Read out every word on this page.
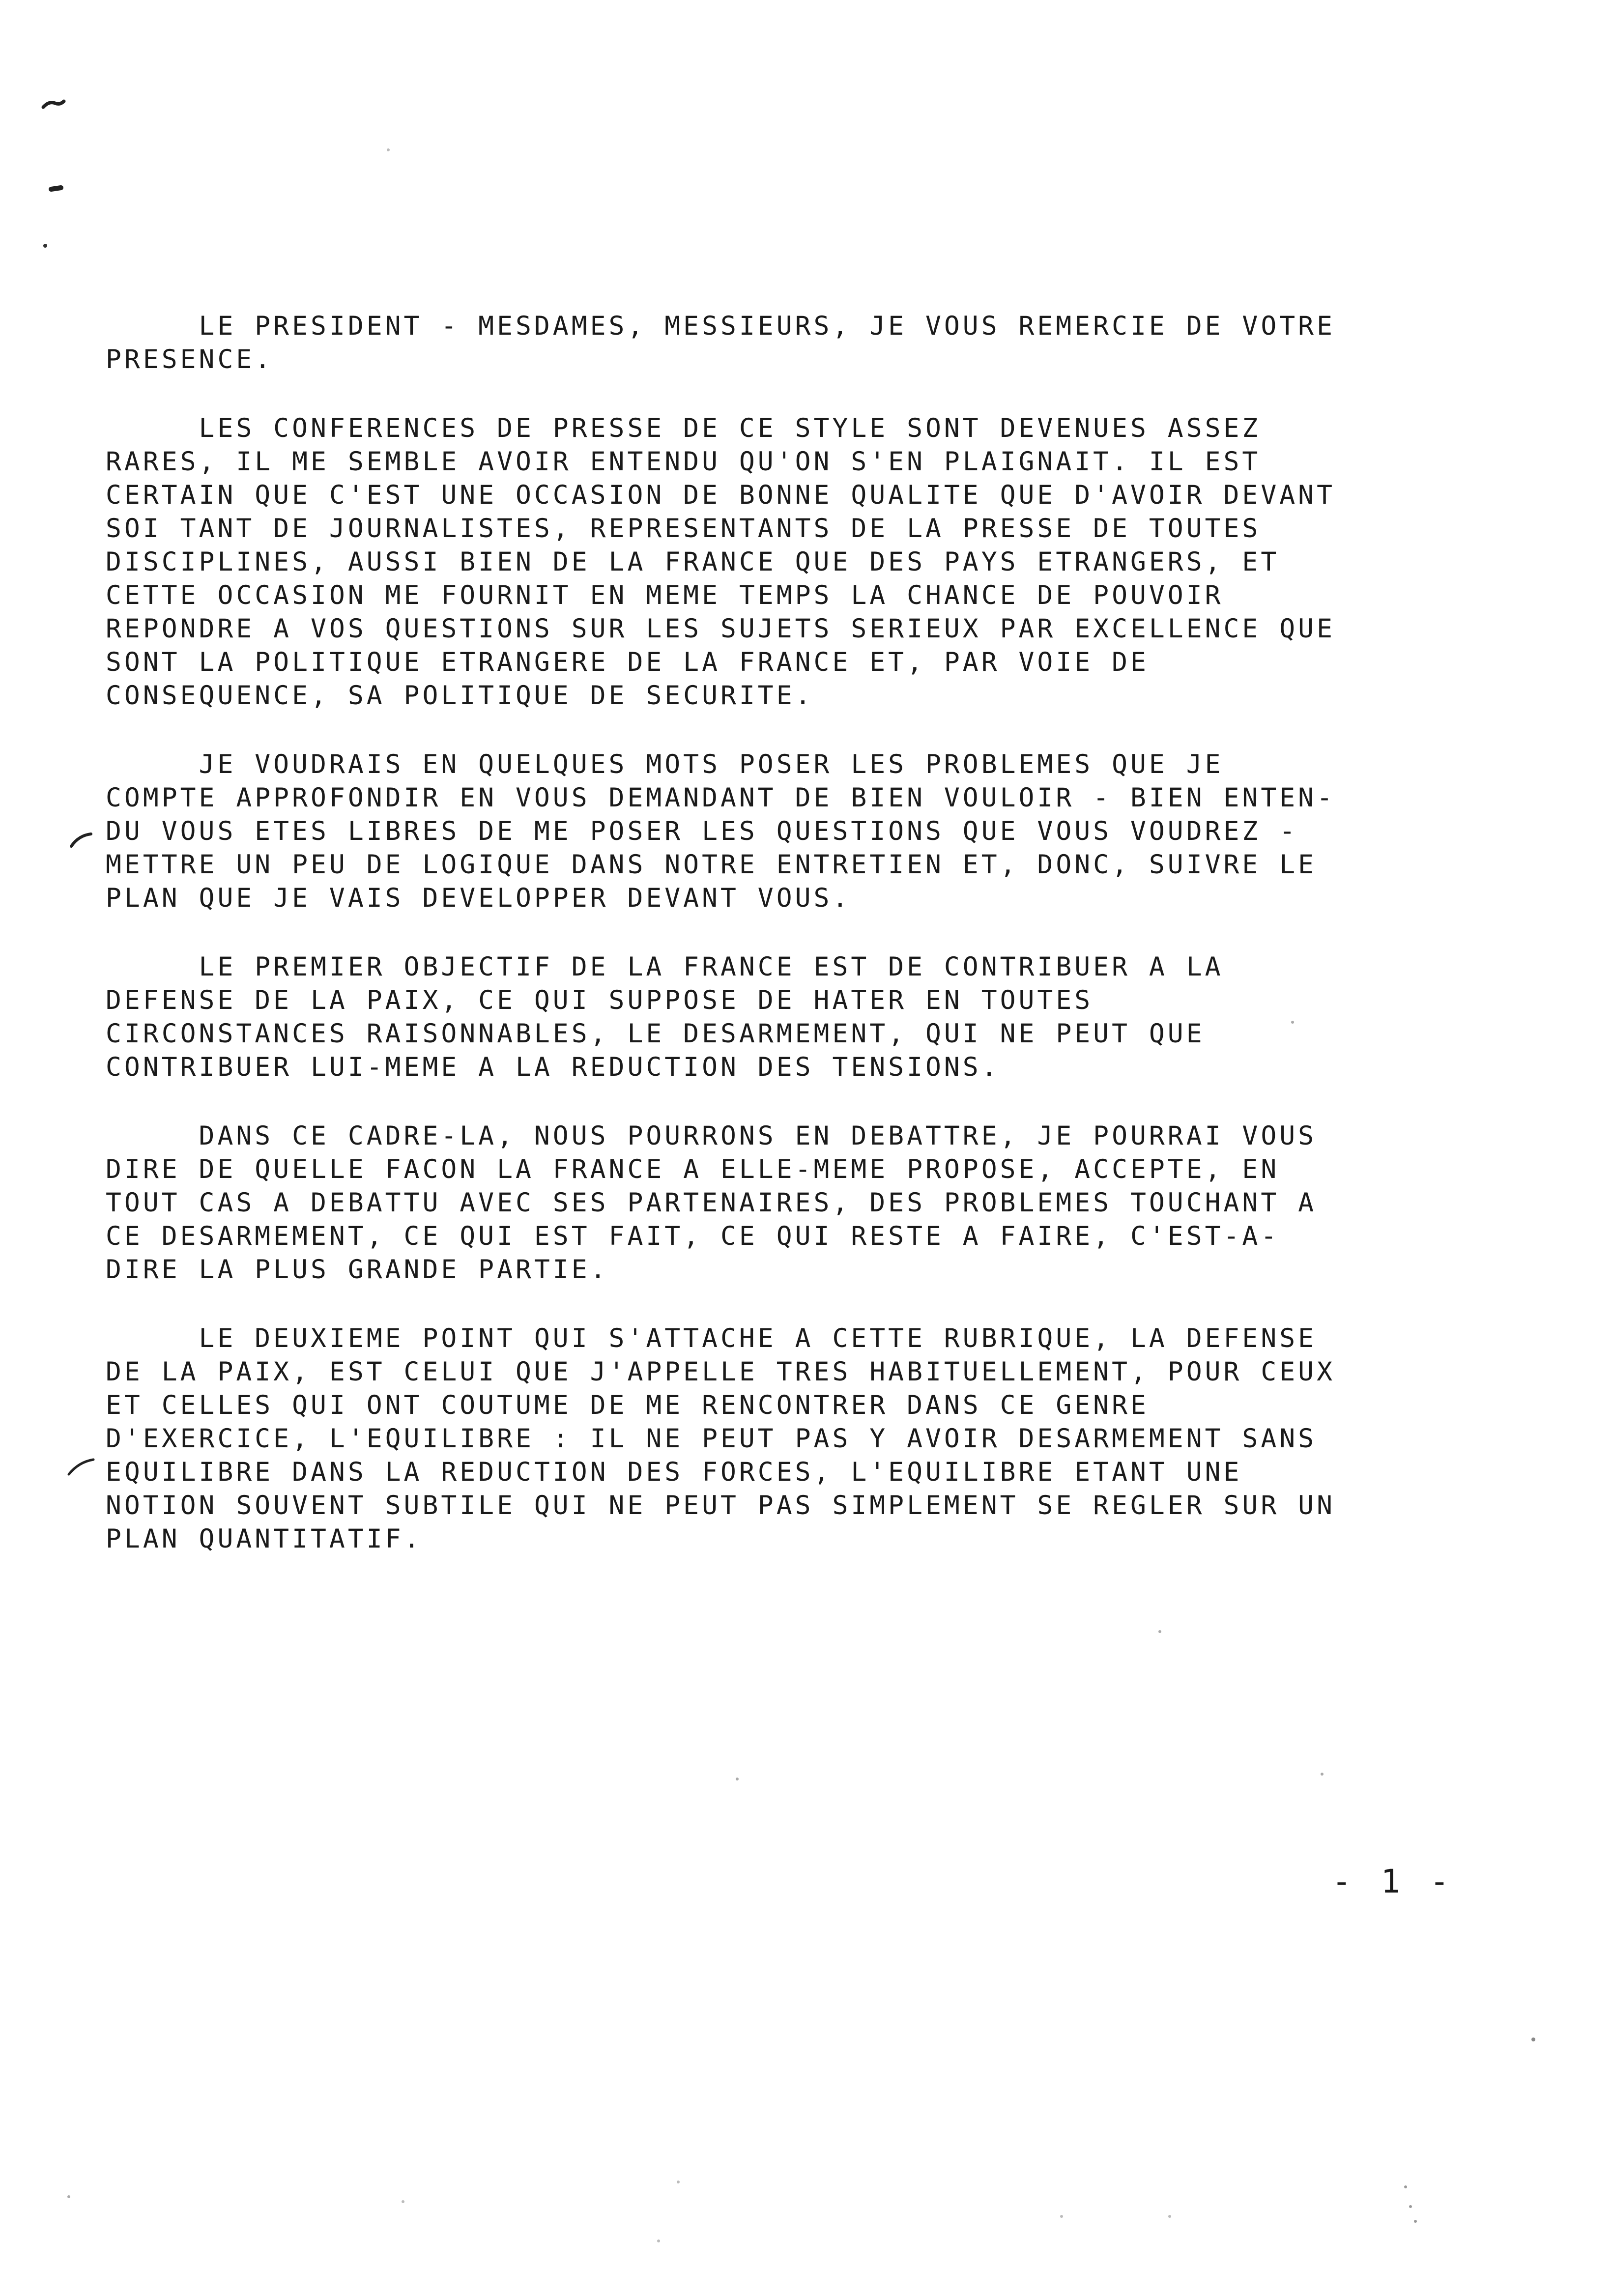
LE PRESIDENT - MESDAMES, MESSIEURS, JE VOUS REMERCIE DE VOTRE
PRESENCE.
LES CONFERENCES DE PRESSE DE CE STYLE SONT DEVENUES ASSEZ
RARES, IL ME SEMBLE AVOIR ENTENDU QU'ON S'EN PLAIGNAIT. IL EST
CERTAIN QUE C'EST UNE OCCASION DE BONNE QUALITE QUE D'AVOIR DEVANT
SOI TANT DE JOURNALISTES, REPRESENTANTS DE LA PRESSE DE TOUTES
DISCIPLINES, AUSSI BIEN DE LA FRANCE QUE DES PAYS ETRANGERS, ET
CETTE OCCASION ME FOURNIT EN MEME TEMPS LA CHANCE DE POUVOIR
REPONDRE A VOS QUESTIONS SUR LES SUJETS SERIEUX PAR EXCELLENCE QUE
SONT LA POLITIQUE ETRANGERE DE LA FRANCE ET, PAR VOIE DE
CONSEQUENCE, SA POLITIQUE DE SECURITE.
JE VOUDRAIS EN QUELQUES MOTS POSER LES PROBLEMES QUE JE
COMPTE APPROFONDIR EN VOUS DEMANDANT DE BIEN VOULOIR - BIEN ENTEN-
DU VOUS ETES LIBRES DE ME POSER LES QUESTIONS QUE VOUS VOUDREZ -
METTRE UN PEU DE LOGIQUE DANS NOTRE ENTRETIEN ET, DONC, SUIVRE LE
PLAN QUE JE VAIS DEVELOPPER DEVANT VOUS.
LE PREMIER OBJECTIF DE LA FRANCE EST DE CONTRIBUER A LA
DEFENSE DE LA PAIX, CE QUI SUPPOSE DE HATER EN TOUTES
CIRCONSTANCES RAISONNABLES, LE DESARMEMENT, QUI NE PEUT QUE
CONTRIBUER LUI-MEME A LA REDUCTION DES TENSIONS.
DANS CE CADRE-LA, NOUS POURRONS EN DEBATTRE, JE POURRAI VOUS
DIRE DE QUELLE FACON LA FRANCE A ELLE-MEME PROPOSE, ACCEPTE, EN
TOUT CAS A DEBATTU AVEC SES PARTENAIRES, DES PROBLEMES TOUCHANT A
CE DESARMEMENT, CE QUI EST FAIT, CE QUI RESTE A FAIRE, C'EST-A-
DIRE LA PLUS GRANDE PARTIE.
LE DEUXIEME POINT QUI S'ATTACHE A CETTE RUBRIQUE, LA DEFENSE
DE LA PAIX, EST CELUI QUE J'APPELLE TRES HABITUELLEMENT, POUR CEUX
ET CELLES QUI ONT COUTUME DE ME RENCONTRER DANS CE GENRE
D'EXERCICE, L'EQUILIBRE : IL NE PEUT PAS Y AVOIR DESARMEMENT SANS
EQUILIBRE DANS LA REDUCTION DES FORCES, L'EQUILIBRE ETANT UNE
NOTION SOUVENT SUBTILE QUI NE PEUT PAS SIMPLEMENT SE REGLER SUR UN
PLAN QUANTITATIF.
- 1 -
